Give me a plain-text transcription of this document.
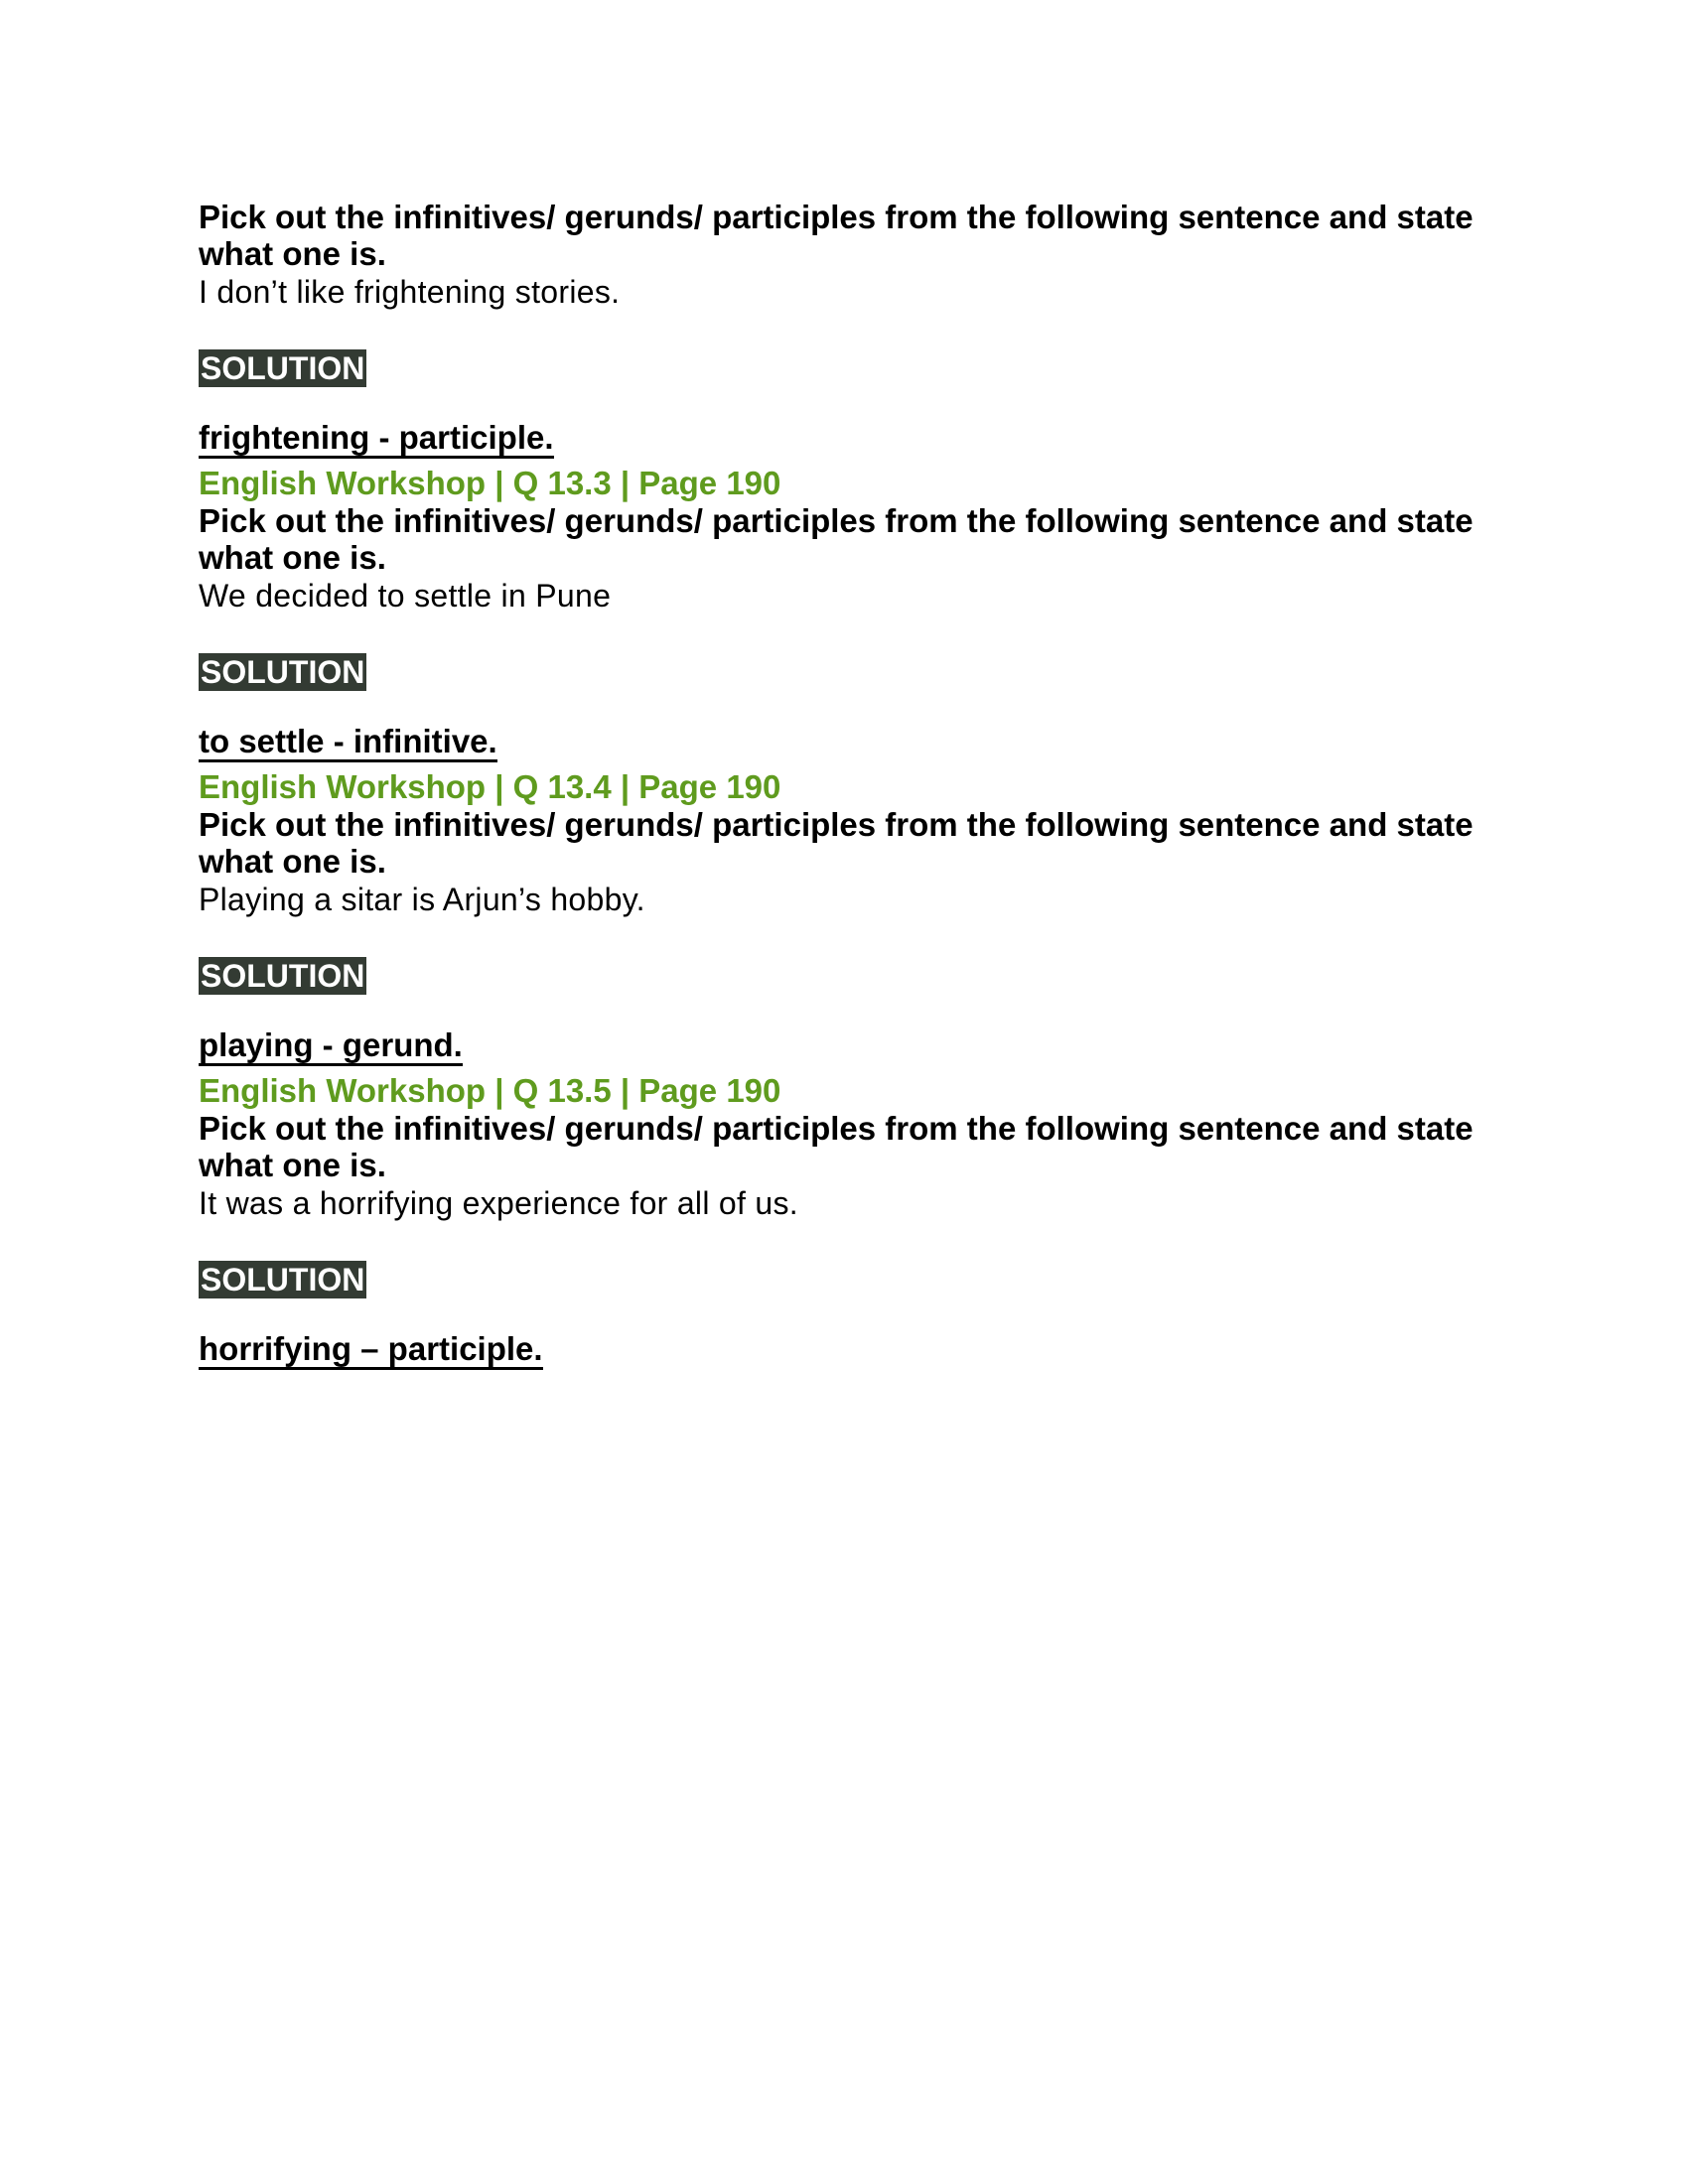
Pick out the infinitives/ gerunds/ participles from the following sentence and state what one is.

I don’t like frightening stories.

SOLUTION
frightening - participle.

English Workshop | Q 13.3 | Page 190

Pick out the infinitives/ gerunds/ participles from the following sentence and state what one is.

We decided to settle in Pune

SOLUTION
to settle - infinitive.

English Workshop | Q 13.4 | Page 190

Pick out the infinitives/ gerunds/ participles from the following sentence and state what one is.

Playing a sitar is Arjun’s hobby.

SOLUTION
playing - gerund.

English Workshop | Q 13.5 | Page 190

Pick out the infinitives/ gerunds/ participles from the following sentence and state what one is.

It was a horrifying experience for all of us.

SOLUTION
horrifying – participle.
